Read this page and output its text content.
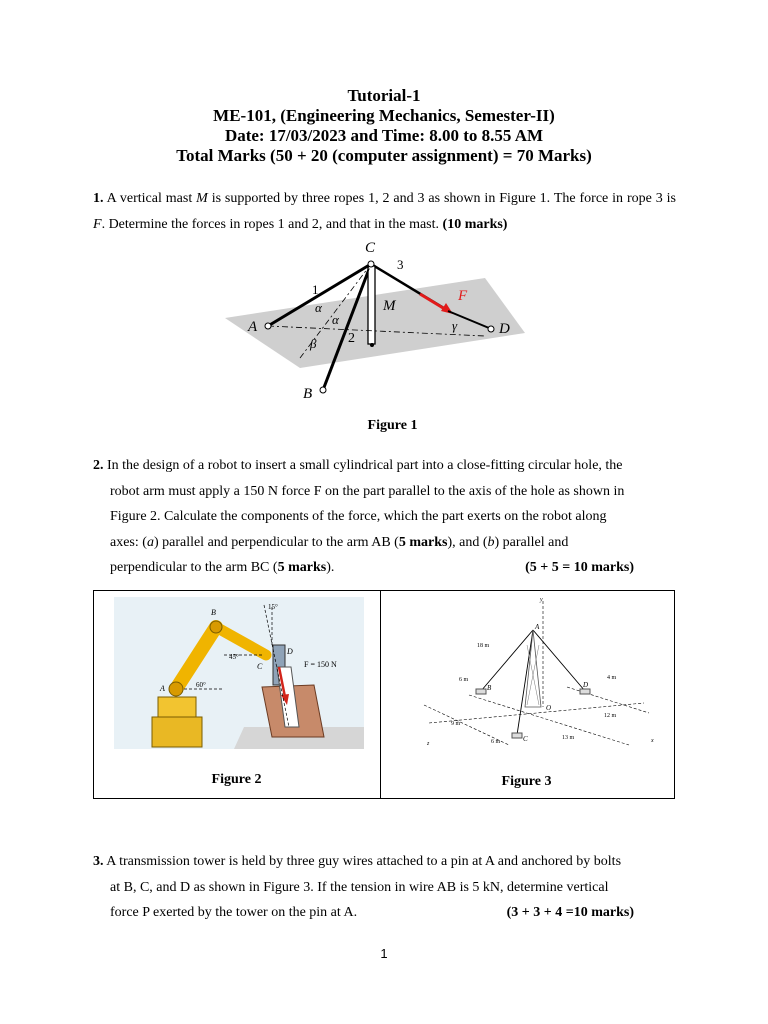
Tutorial-1
ME-101, (Engineering Mechanics, Semester-II)
Date: 17/03/2023 and Time: 8.00 to 8.55 AM
Total Marks (50 + 20 (computer assignment) = 70 Marks)
1. A vertical mast M is supported by three ropes 1, 2 and 3 as shown in Figure 1. The force in rope 3 is F. Determine the forces in ropes 1 and 2, and that in the mast. (10 marks)
C
A
B
D
M
F
1
2
3
α
α
β
γ
Figure 1
2. In the design of a robot to insert a small cylindrical part into a close-fitting circular hole, the
robot arm must apply a 150 N force F on the part parallel to the axis of the hole as shown in
Figure 2. Calculate the components of the force, which the part exerts on the robot along
axes: (a) parallel and perpendicular to the arm AB (5 marks), and (b) parallel and
perpendicular to the arm BC (5 marks).	(5 + 5 = 10 marks)
B
A
C
D
15°
45°
60°
F = 150 N
Figure 2
y
A
B
C
D
O
x
z
18 m
6 m	4 m
12 m
9 m
6 m
13 m
Figure 3
3. A transmission tower is held by three guy wires attached to a pin at A and anchored by bolts
at B, C, and D as shown in Figure 3. If the tension in wire AB is 5 kN, determine vertical
force P exerted by the tower on the pin at A.	(3 + 3 + 4 =10 marks)
1
